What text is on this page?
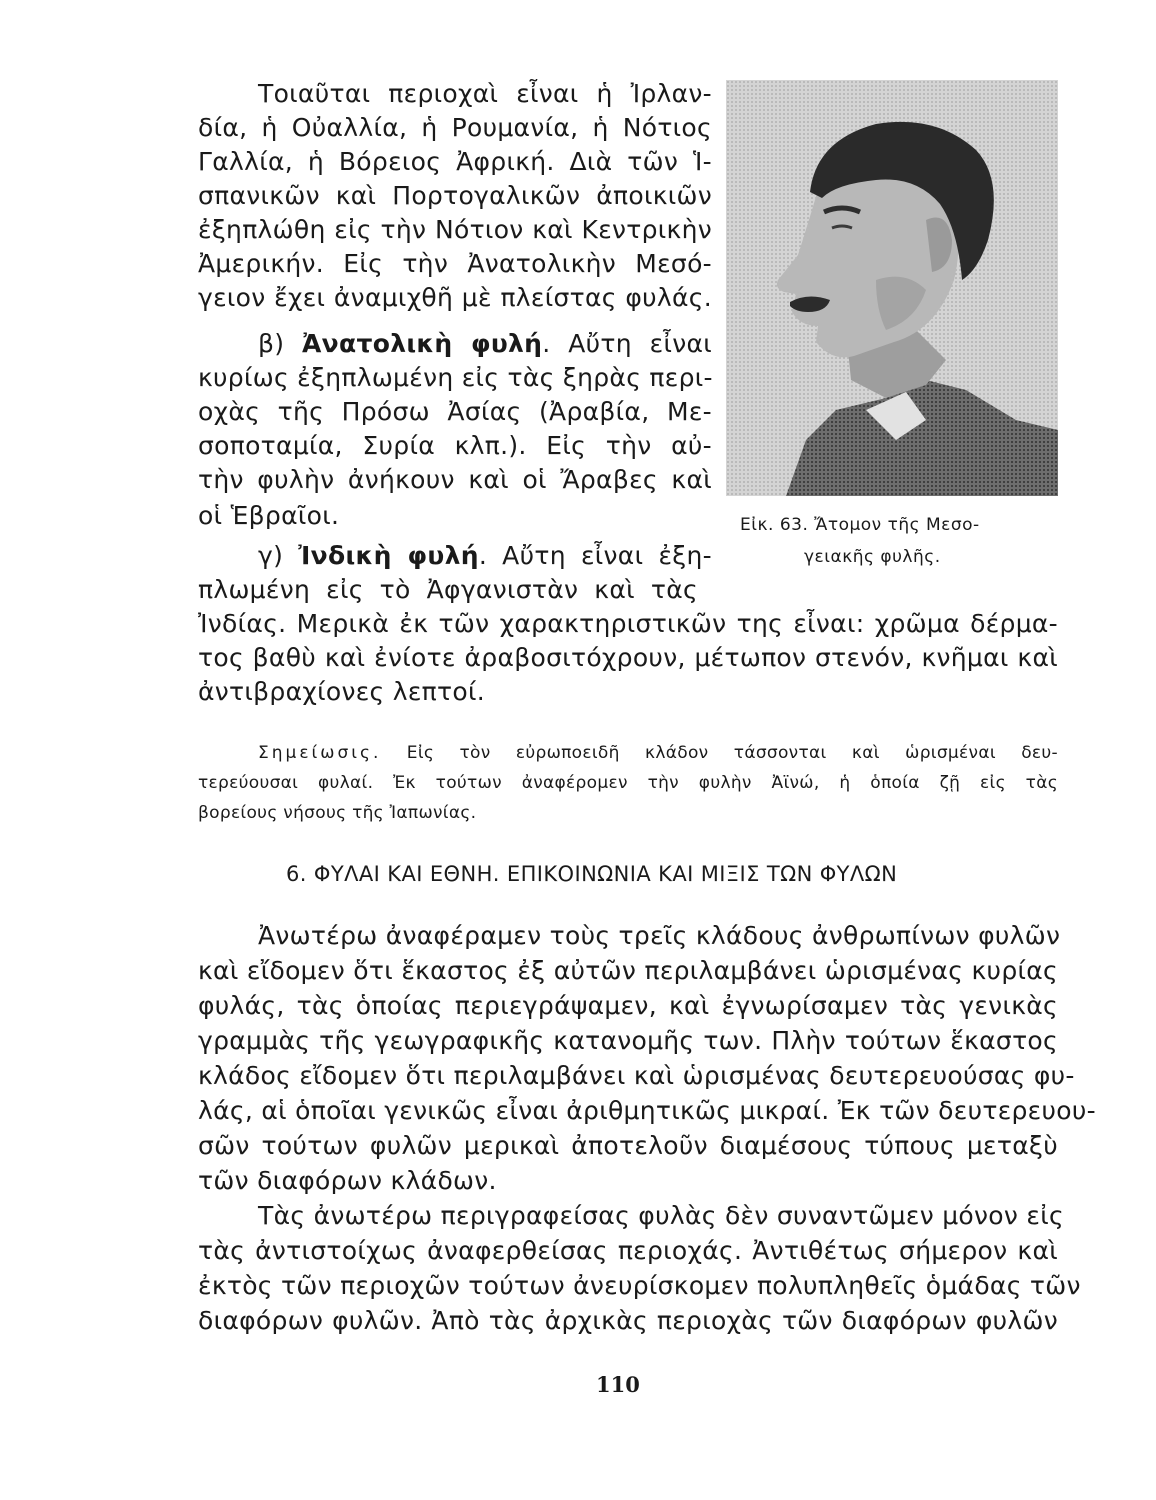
Τοιαῦται περιοχαὶ εἶναι ἡ Ἰρλαν-
δία, ἡ Οὐαλλία, ἡ Ρουμανία, ἡ Νότιος
Γαλλία, ἡ Βόρειος Ἀφρική. Διὰ τῶν Ἱ-
σπανικῶν καὶ Πορτογαλικῶν ἀποικιῶν
ἐξηπλώθη εἰς τὴν Νότιον καὶ Κεντρικὴν
Ἀμερικήν. Εἰς τὴν Ἀνατολικὴν Μεσό-
γειον ἔχει ἀναμιχθῆ μὲ πλείστας φυλάς.
β) Ἀνατολικὴ φυλή. Αὔτη εἶναι
κυρίως ἐξηπλωμένη εἰς τὰς ξηρὰς περι-
οχὰς τῆς Πρόσω Ἀσίας (Ἀραβία, Με-
σοποταμία, Συρία κλπ.). Εἰς τὴν αὐ-
τὴν φυλὴν ἀνήκουν καὶ οἱ Ἄραβες καὶ
οἱ Ἑβραῖοι.
γ) Ἰνδικὴ φυλή. Αὔτη εἶναι ἐξη-
πλωμένη εἰς τὸ Ἀφγανιστὰν καὶ τὰς
Ἰνδίας. Μερικὰ ἐκ τῶν χαρακτηριστικῶν της εἶναι: χρῶμα δέρμα-
τος βαθὺ καὶ ἐνίοτε ἀραβοσιτόχρουν, μέτωπον στενόν, κνῆμαι καὶ
ἀντιβραχίονες λεπτοί.
Εἰκ. 63. Ἄτομον τῆς Μεσο-
γειακῆς φυλῆς.
Σημείωσις. Εἰς τὸν εὐρωποειδῆ κλάδον τάσσονται καὶ ὡρισμέναι δευ-
τερεύουσαι φυλαί. Ἐκ τούτων ἀναφέρομεν τὴν φυλὴν Ἀϊνώ, ἡ ὁποία ζῇ εἰς τὰς
βορείους νήσους τῆς Ἰαπωνίας.
6. ΦΥΛΑΙ ΚΑΙ ΕΘΝΗ. ΕΠΙΚΟΙΝΩΝΙΑ ΚΑΙ ΜΙΞΙΣ ΤΩΝ ΦΥΛΩΝ
Ἀνωτέρω ἀναφέραμεν τοὺς τρεῖς κλάδους ἀνθρωπίνων φυλῶν
καὶ εἴδομεν ὅτι ἕκαστος ἐξ αὐτῶν περιλαμβάνει ὡρισμένας κυρίας
φυλάς, τὰς ὁποίας περιεγράψαμεν, καὶ ἐγνωρίσαμεν τὰς γενικὰς
γραμμὰς τῆς γεωγραφικῆς κατανομῆς των. Πλὴν τούτων ἕκαστος
κλάδος εἴδομεν ὅτι περιλαμβάνει καὶ ὡρισμένας δευτερευούσας φυ-
λάς, αἱ ὁποῖαι γενικῶς εἶναι ἀριθμητικῶς μικραί. Ἐκ τῶν δευτερευου-
σῶν τούτων φυλῶν μερικαὶ ἀποτελοῦν διαμέσους τύπους μεταξὺ
τῶν διαφόρων κλάδων.
Τὰς ἀνωτέρω περιγραφείσας φυλὰς δὲν συναντῶμεν μόνον εἰς
τὰς ἀντιστοίχως ἀναφερθείσας περιοχάς. Ἀντιθέτως σήμερον καὶ
ἐκτὸς τῶν περιοχῶν τούτων ἀνευρίσκομεν πολυπληθεῖς ὁμάδας τῶν
διαφόρων φυλῶν. Ἀπὸ τὰς ἀρχικὰς περιοχὰς τῶν διαφόρων φυλῶν
110
